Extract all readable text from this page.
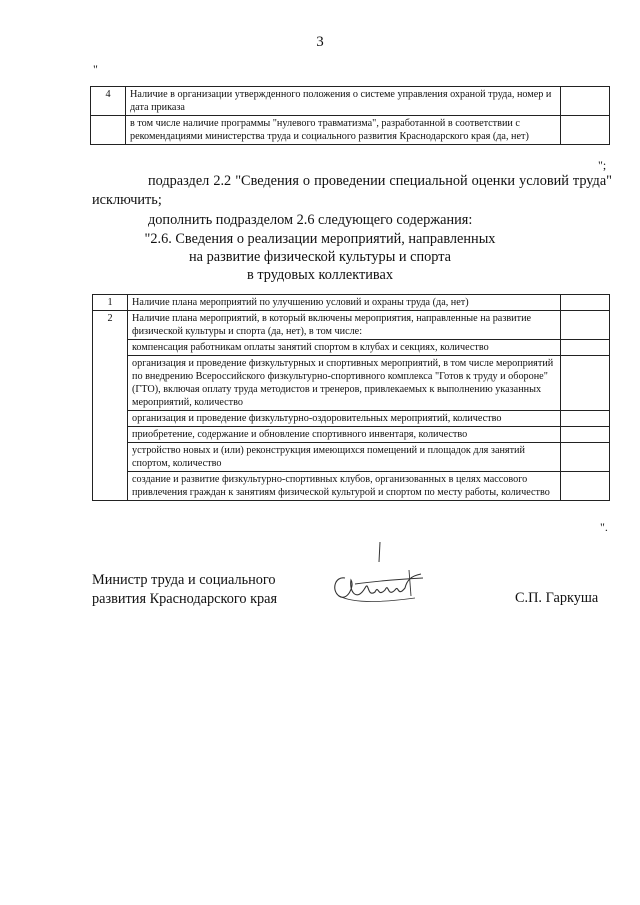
3
"
4	Наличие в организации утвержденного положения о системе управления охраной труда, номер и дата приказа	
	в том числе наличие программы "нулевого травматизма", разработанной в соответствии с рекомендациями министерства труда и социального развития Краснодарского края (да, нет)	
";
подраздел 2.2 "Сведения о проведении специальной оценки условий труда" исключить;
дополнить подразделом 2.6 следующего содержания:
"2.6. Сведения о реализации мероприятий, направленных
на развитие физической культуры и спорта
в трудовых коллективах
1	Наличие плана мероприятий по улучшению условий и охраны труда (да, нет)	
2	Наличие плана мероприятий, в который включены мероприятия, направленные на развитие физической культуры и спорта (да, нет), в том числе:	
	компенсация работникам оплаты занятий спортом в клубах и секциях, количество	
	организация и проведение физкультурных и спортивных мероприятий, в том числе мероприятий по внедрению Всероссийского физкультурно-спортивного комплекса "Готов к труду и обороне" (ГТО), включая оплату труда методистов и тренеров, привлекаемых к выполнению указанных мероприятий, количество	
	организация и проведение физкультурно-оздоровительных мероприятий, количество	
	приобретение, содержание и обновление спортивного инвентаря, количество	
	устройство новых и (или) реконструкция имеющихся помещений и площадок для занятий спортом, количество	
	создание и развитие физкультурно-спортивных клубов, организованных в целях массового привлечения граждан к занятиям физической культурой и спортом по месту работы, количество	
".
Министр труда и социального
развития Краснодарского края	С.П. Гаркуша
